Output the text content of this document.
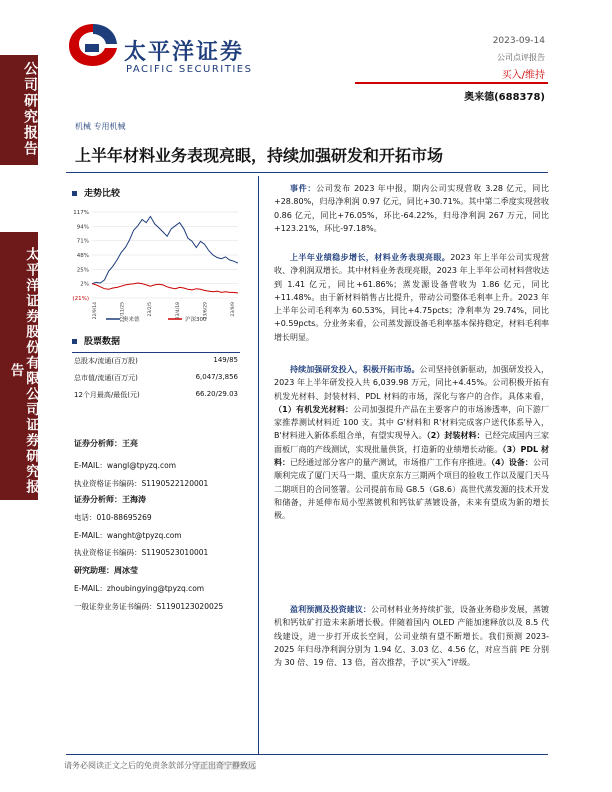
公司研究报告
太平洋证券股份有限公司证券研究报告
太平洋证券
PACIFIC SECURITIES
2023-09-14
公司点评报告
买入/维持
奥来德(688378)
机械 专用机械
上半年材料业务表现亮眼，持续加强研发和开拓市场
走势比较
117%
94%
71%
48%
25%
2%
(21%)
22/9/14	22/11/25	23/2/5	23/4/18	23/6/29	23/9/9
奥来德	沪深300
股票数据
总股本/流通(百万股)	149/85
总市值/流通(百万元)	6,047/3,856
12个月最高/最低(元)	66.20/29.03
证券分析师：王亮
E-MAIL：wangl@tpyzq.com
执业资格证书编码：S1190522120001
证券分析师：王海涛
电话：010-88695269
E-MAIL：wanght@tpyzq.com
执业资格证书编码：S1190523010001
研究助理：周冰莹
E-MAIL：zhoubingying@tpyzq.com
一般证券业务证书编码：S1190123020025
事件：公司发布 2023 年中报，期内公司实现营收 3.28 亿元，同比+28.80%，归母净利润 0.97 亿元，同比+30.71%。其中第二季度实现营收 0.86 亿元，同比+76.05%，环比-64.22%，归母净利润 267 万元，同比+123.21%，环比-97.18%。
上半年业绩稳步增长，材料业务表现亮眼。2023 年上半年公司实现营收、净利润双增长。其中材料业务表现亮眼，2023 年上半年公司材料营收达到 1.41 亿元，同比+61.86%；蒸发源设备营收为 1.86 亿元，同比+11.48%。由于新材料销售占比提升，带动公司整体毛利率上升。2023 年上半年公司毛利率为 60.53%，同比+4.75pcts；净利率为 29.74%，同比+0.59pcts。分业务来看，公司蒸发源设备毛利率基本保持稳定，材料毛利率增长明显。
持续加强研发投入，积极开拓市场。公司坚持创新驱动，加强研发投入，2023 年上半年研发投入共 6,039.98 万元，同比+4.45%。公司积极开拓有机发光材料、封装材料、PDL 材料的市场，深化与客户的合作。具体来看，（1）有机发光材料：公司加强提升产品在主要客户的市场渗透率，向下游厂家推荐测试材料近 100 支。其中 G'材料和 R'材料完成客户送代体系导入，B'材料进入新体系组合单，有望实现导入。（2）封装材料：已经完成国内三家面板厂商的产线测试，实现批量供货，打造新的业绩增长动能。（3）PDL 材料：已经通过部分客户的量产测试，市场推广工作有序推进。（4）设备：公司顺利完成了厦门天马一期、重庆京东方三期两个项目的验收工作以及厦门天马二期项目的合同签署。公司提前布局 G8.5（G8.6）高世代蒸发源的技术开发和储备，并延伸布局小型蒸镀机和钙钛矿蒸镀设备，未来有望成为新的增长极。
盈利预测及投资建议：公司材料业务持续扩张，设备业务稳步发展，蒸镀机和钙钛矿打造未来新增长极。伴随着国内 OLED 产能加速释放以及 8.5 代线建设，进一步打开成长空间，公司业绩有望不断增长。我们预测 2023-2025 年归母净利润分别为 1.94 亿、3.03 亿、4.56 亿，对应当前 PE 分别为 30 倍、19 倍、13 倍，首次推荐，予以“买入”评级。
请务必阅读正文之后的免责条款部分守正出奇宁静致远
